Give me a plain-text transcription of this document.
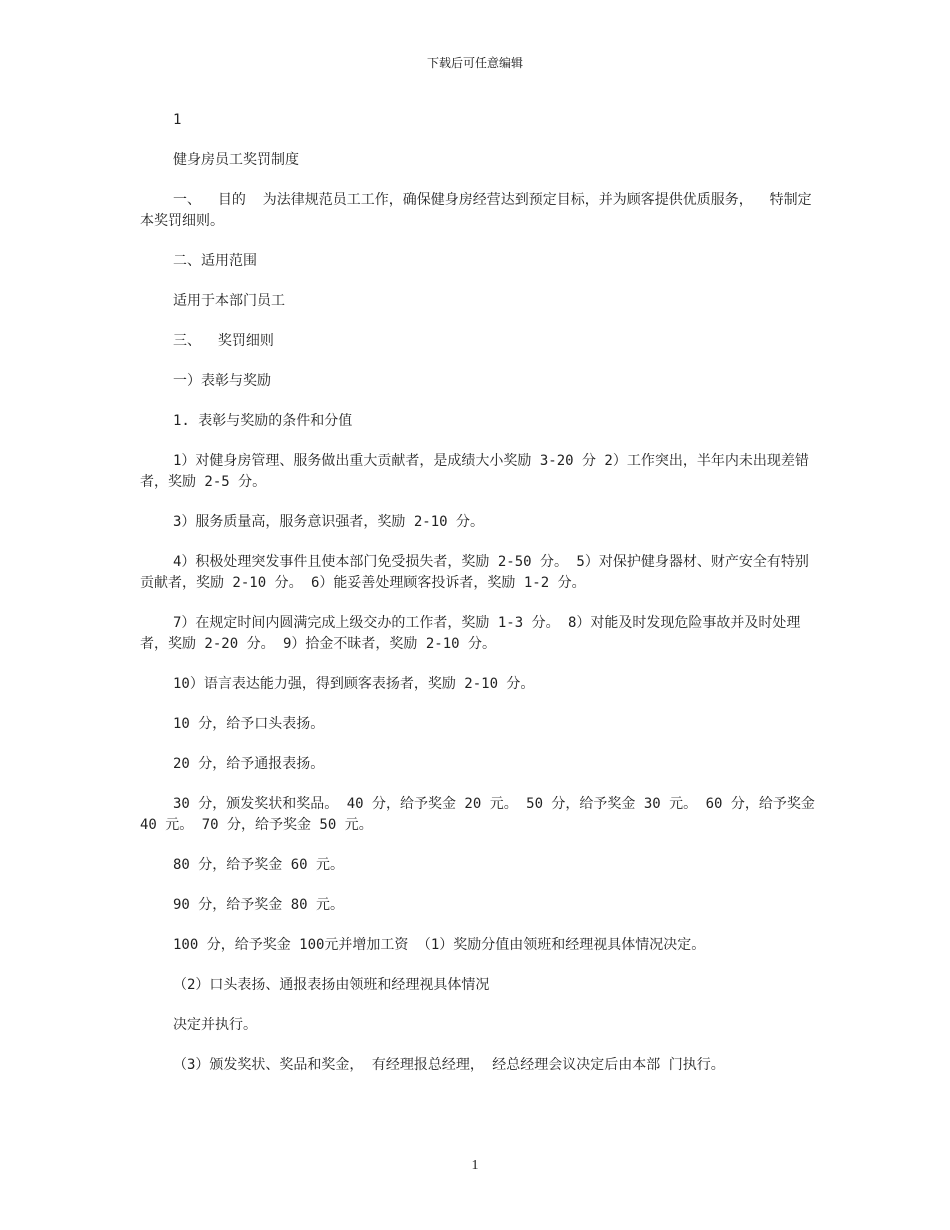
下载后可任意编辑

1

健身房员工奖罚制度

一、  目的  为法律规范员工工作，确保健身房经营达到预定目标，并为顾客提供优质服务，  特制定本奖罚细则。

二、适用范围

适用于本部门员工

三、  奖罚细则

一）表彰与奖励

1. 表彰与奖励的条件和分值

1）对健身房管理、服务做出重大贡献者，是成绩大小奖励 3-20 分 2）工作突出，半年内未出现差错者，奖励 2-5 分。

3）服务质量高，服务意识强者，奖励 2-10 分。

4）积极处理突发事件且使本部门免受损失者，奖励 2-50 分。 5）对保护健身器材、财产安全有特别贡献者，奖励 2-10 分。 6）能妥善处理顾客投诉者，奖励 1-2 分。

7）在规定时间内圆满完成上级交办的工作者，奖励 1-3 分。 8）对能及时发现危险事故并及时处理者，奖励 2-20 分。 9）拾金不昧者，奖励 2-10 分。

10）语言表达能力强，得到顾客表扬者，奖励 2-10 分。

10 分，给予口头表扬。

20 分，给予通报表扬。

30 分，颁发奖状和奖品。 40 分，给予奖金 20 元。 50 分，给予奖金 30 元。 60 分，给予奖金 40 元。 70 分，给予奖金 50 元。

80 分，给予奖金 60 元。

90 分，给予奖金 80 元。

100 分，给予奖金 100元并增加工资 （1）奖励分值由领班和经理视具体情况决定。

（2）口头表扬、通报表扬由领班和经理视具体情况

决定并执行。

（3）颁发奖状、奖品和奖金， 有经理报总经理， 经总经理会议决定后由本部 门执行。

1
